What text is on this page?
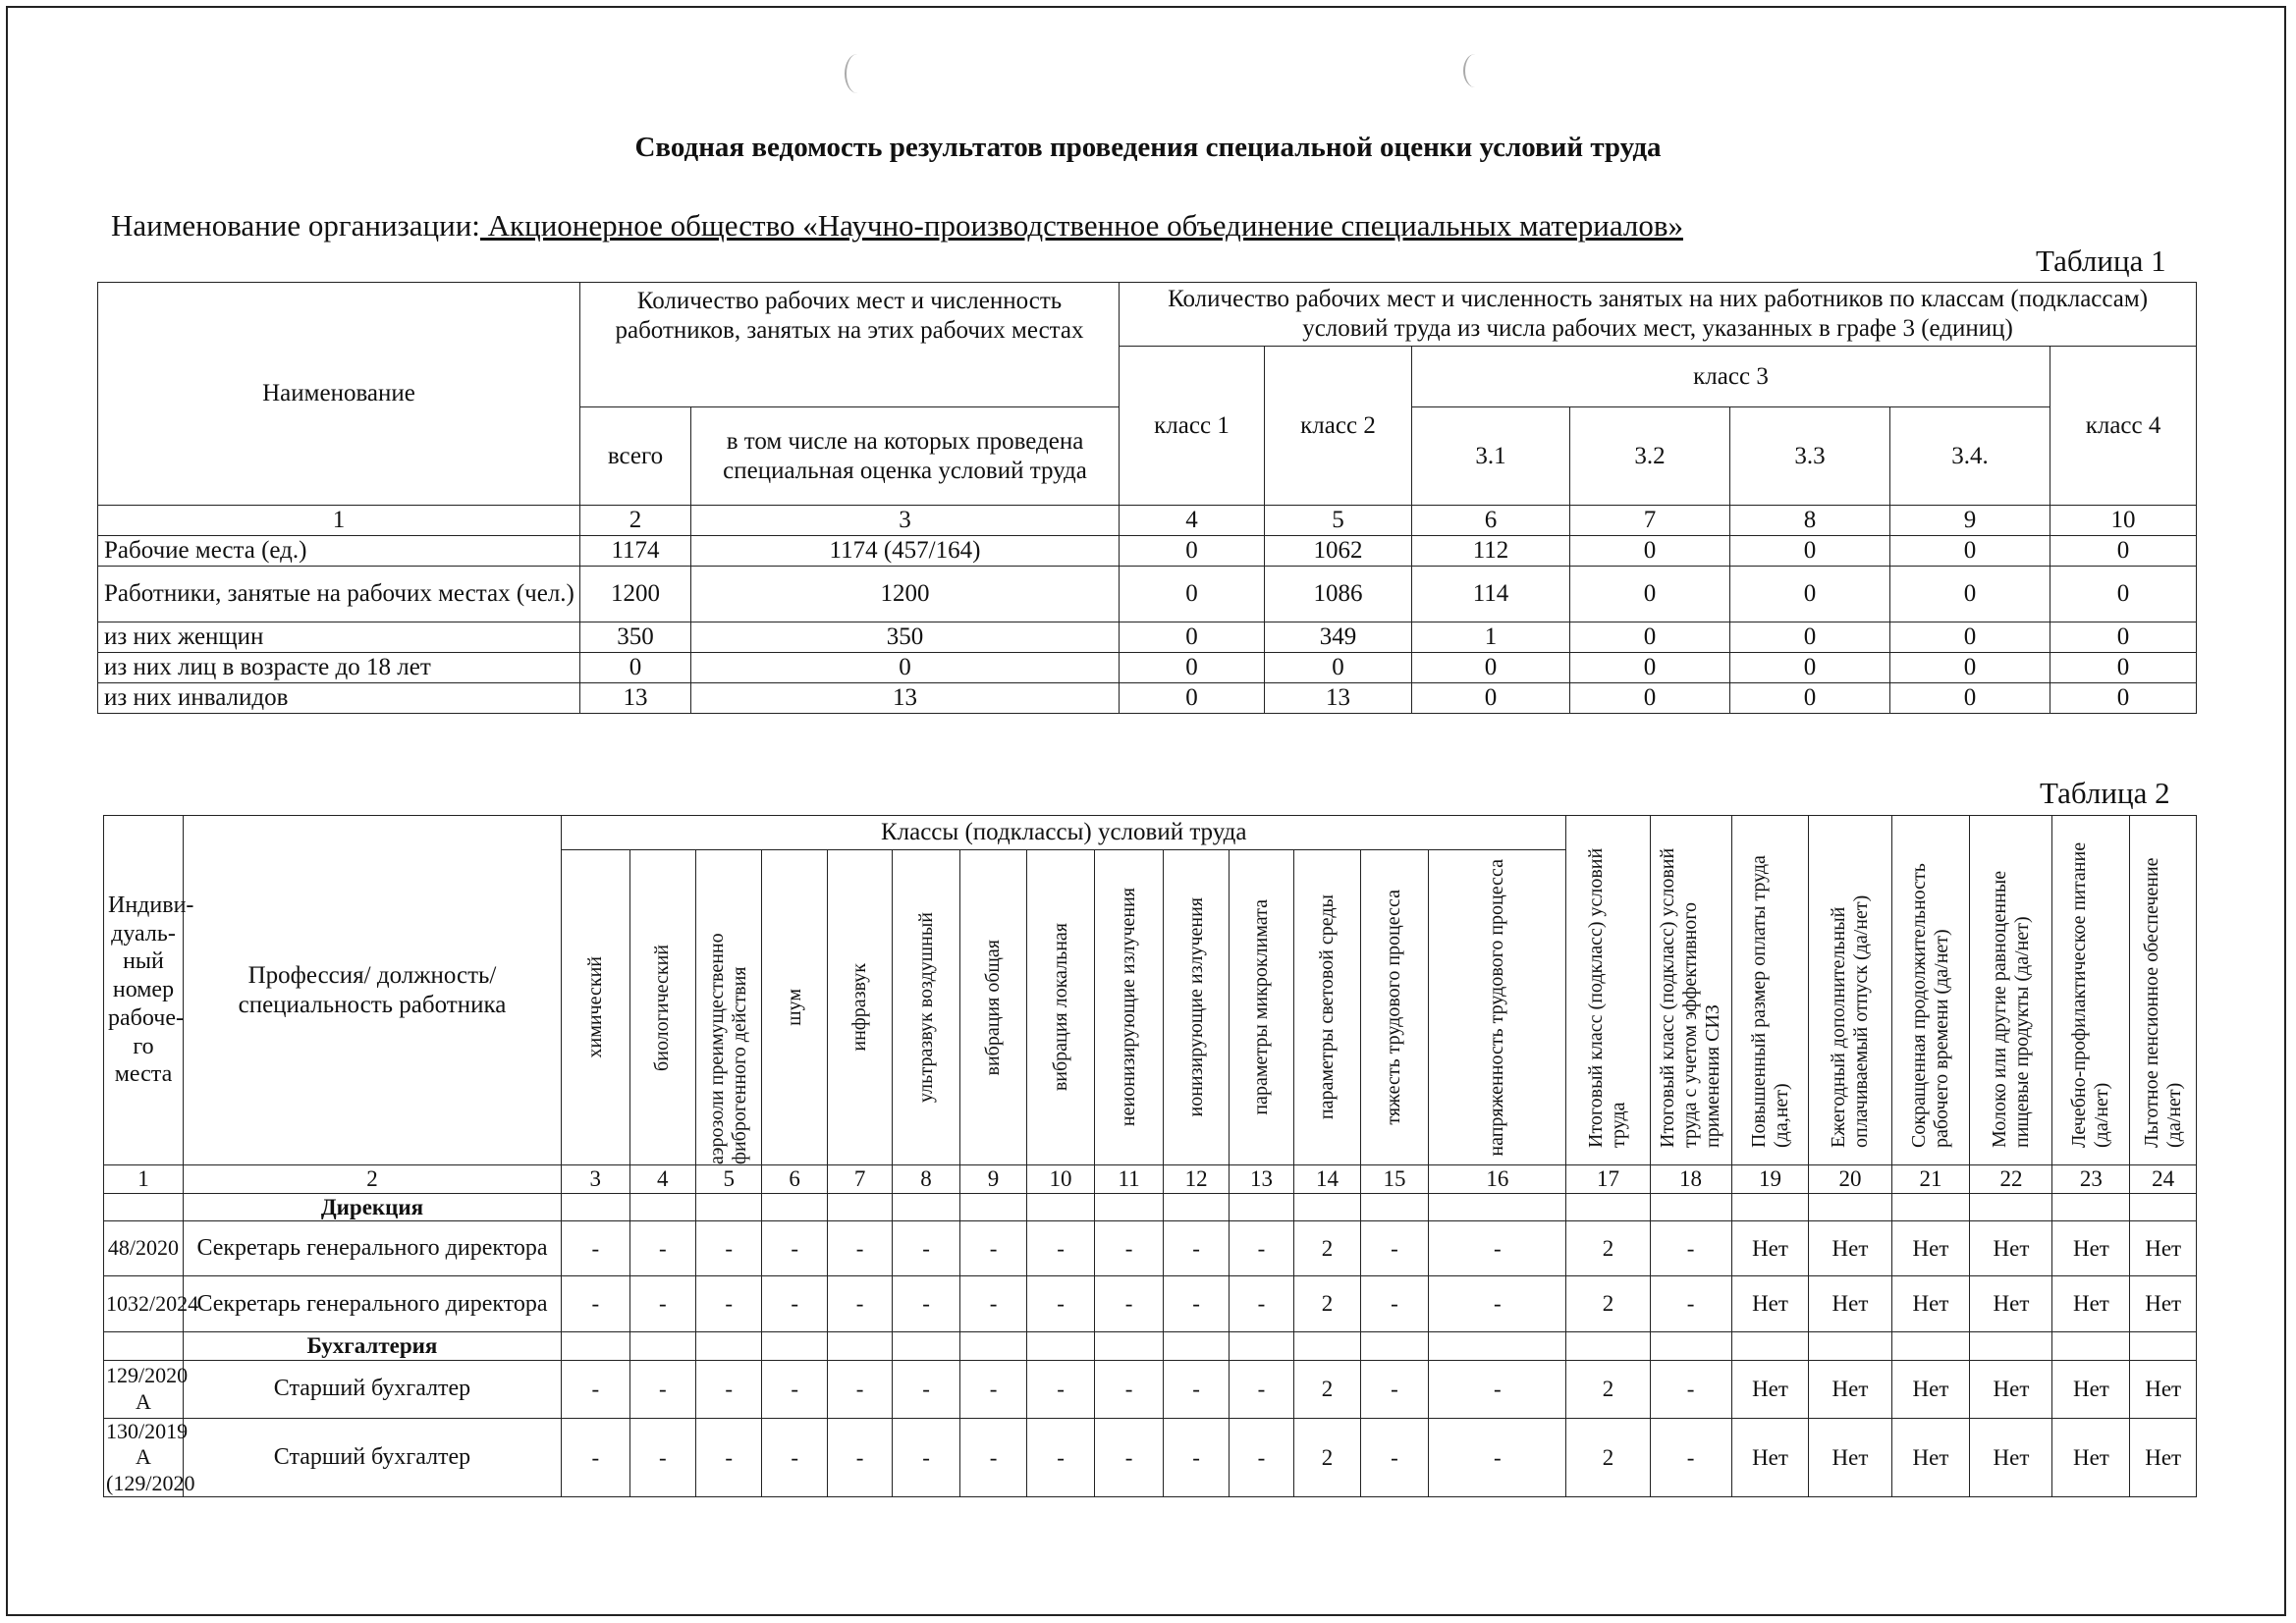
Сводная ведомость результатов проведения специальной оценки условий труда
Наименование организации: Акционерное общество «Научно-производственное объединение специальных материалов»
Таблица 1
Наименование	Количество рабочих мест и численность работников, занятых на этих рабочих местах		Количество рабочих мест и численность занятых на них работников по классам (подклассам) условий труда из числа рабочих мест, указанных в графе 3 (единиц)						
			класс 1	класс 2	класс 3				класс 4
	всего	в том числе на которых проведена специальная оценка условий труда			3.1	3.2	3.3	3.4.	
1	2	3	4	5	6	7	8	9	10
Рабочие места (ед.)	1174	1174 (457/164)	0	1062	112	0	0	0	0
Работники, занятые на рабочих местах (чел.)	1200	1200	0	1086	114	0	0	0	0
из них женщин	350	350	0	349	1	0	0	0	0
из них лиц в возрасте до 18 лет	0	0	0	0	0	0	0	0	0
из них инвалидов	13	13	0	13	0	0	0	0	0
Таблица 2
Индиви-дуаль-ный номер рабоче-го места	Профессия/ должность/ специальность работника	Классы (подклассы) условий труда														Итоговый класс (подкласс) условий труда	Итоговый класс (подкласс) условий труда с учетом эффективного применения СИЗ	Повышенный размер оплаты труда (да,нет)	Ежегодный дополнительный оплачиваемый отпуск (да/нет)	Сокращенная продолжительность рабочего времени (да/нет)	Молоко или другие равноценные пищевые продукты (да/нет)	Лечебно-профилактическое питание (да/нет)	Льготное пенсионное обеспечение (да/нет)

		химический	биологический	аэрозоли преимущественно фиброгенного действия	шум	инфразвук	ультразвук воздушный	вибрация общая	вибрация локальная	неионизирующие излучения	ионизирующие излучения	параметры микроклимата	параметры световой среды	тяжесть трудового процесса	напряженность трудового процесса								

1	2	3	4	5	6	7	8	9	10	11	12	13	14	15	16	17	18	19	20	21	22	23	24
	Дирекция																						
48/2020	Секретарь генерального директора	-	-	-	-	-	-	-	-	-	-	-	2	-	-	2	-	Нет	Нет	Нет	Нет	Нет	Нет
1032/2024	Секретарь генерального директора	-	-	-	-	-	-	-	-	-	-	-	2	-	-	2	-	Нет	Нет	Нет	Нет	Нет	Нет
	Бухгалтерия																						
129/2020 А	Старший бухгалтер	-	-	-	-	-	-	-	-	-	-	-	2	-	-	2	-	Нет	Нет	Нет	Нет	Нет	Нет
130/2019 А (129/2020	Старший бухгалтер	-	-	-	-	-	-	-	-	-	-	-	2	-	-	2	-	Нет	Нет	Нет	Нет	Нет	Нет
